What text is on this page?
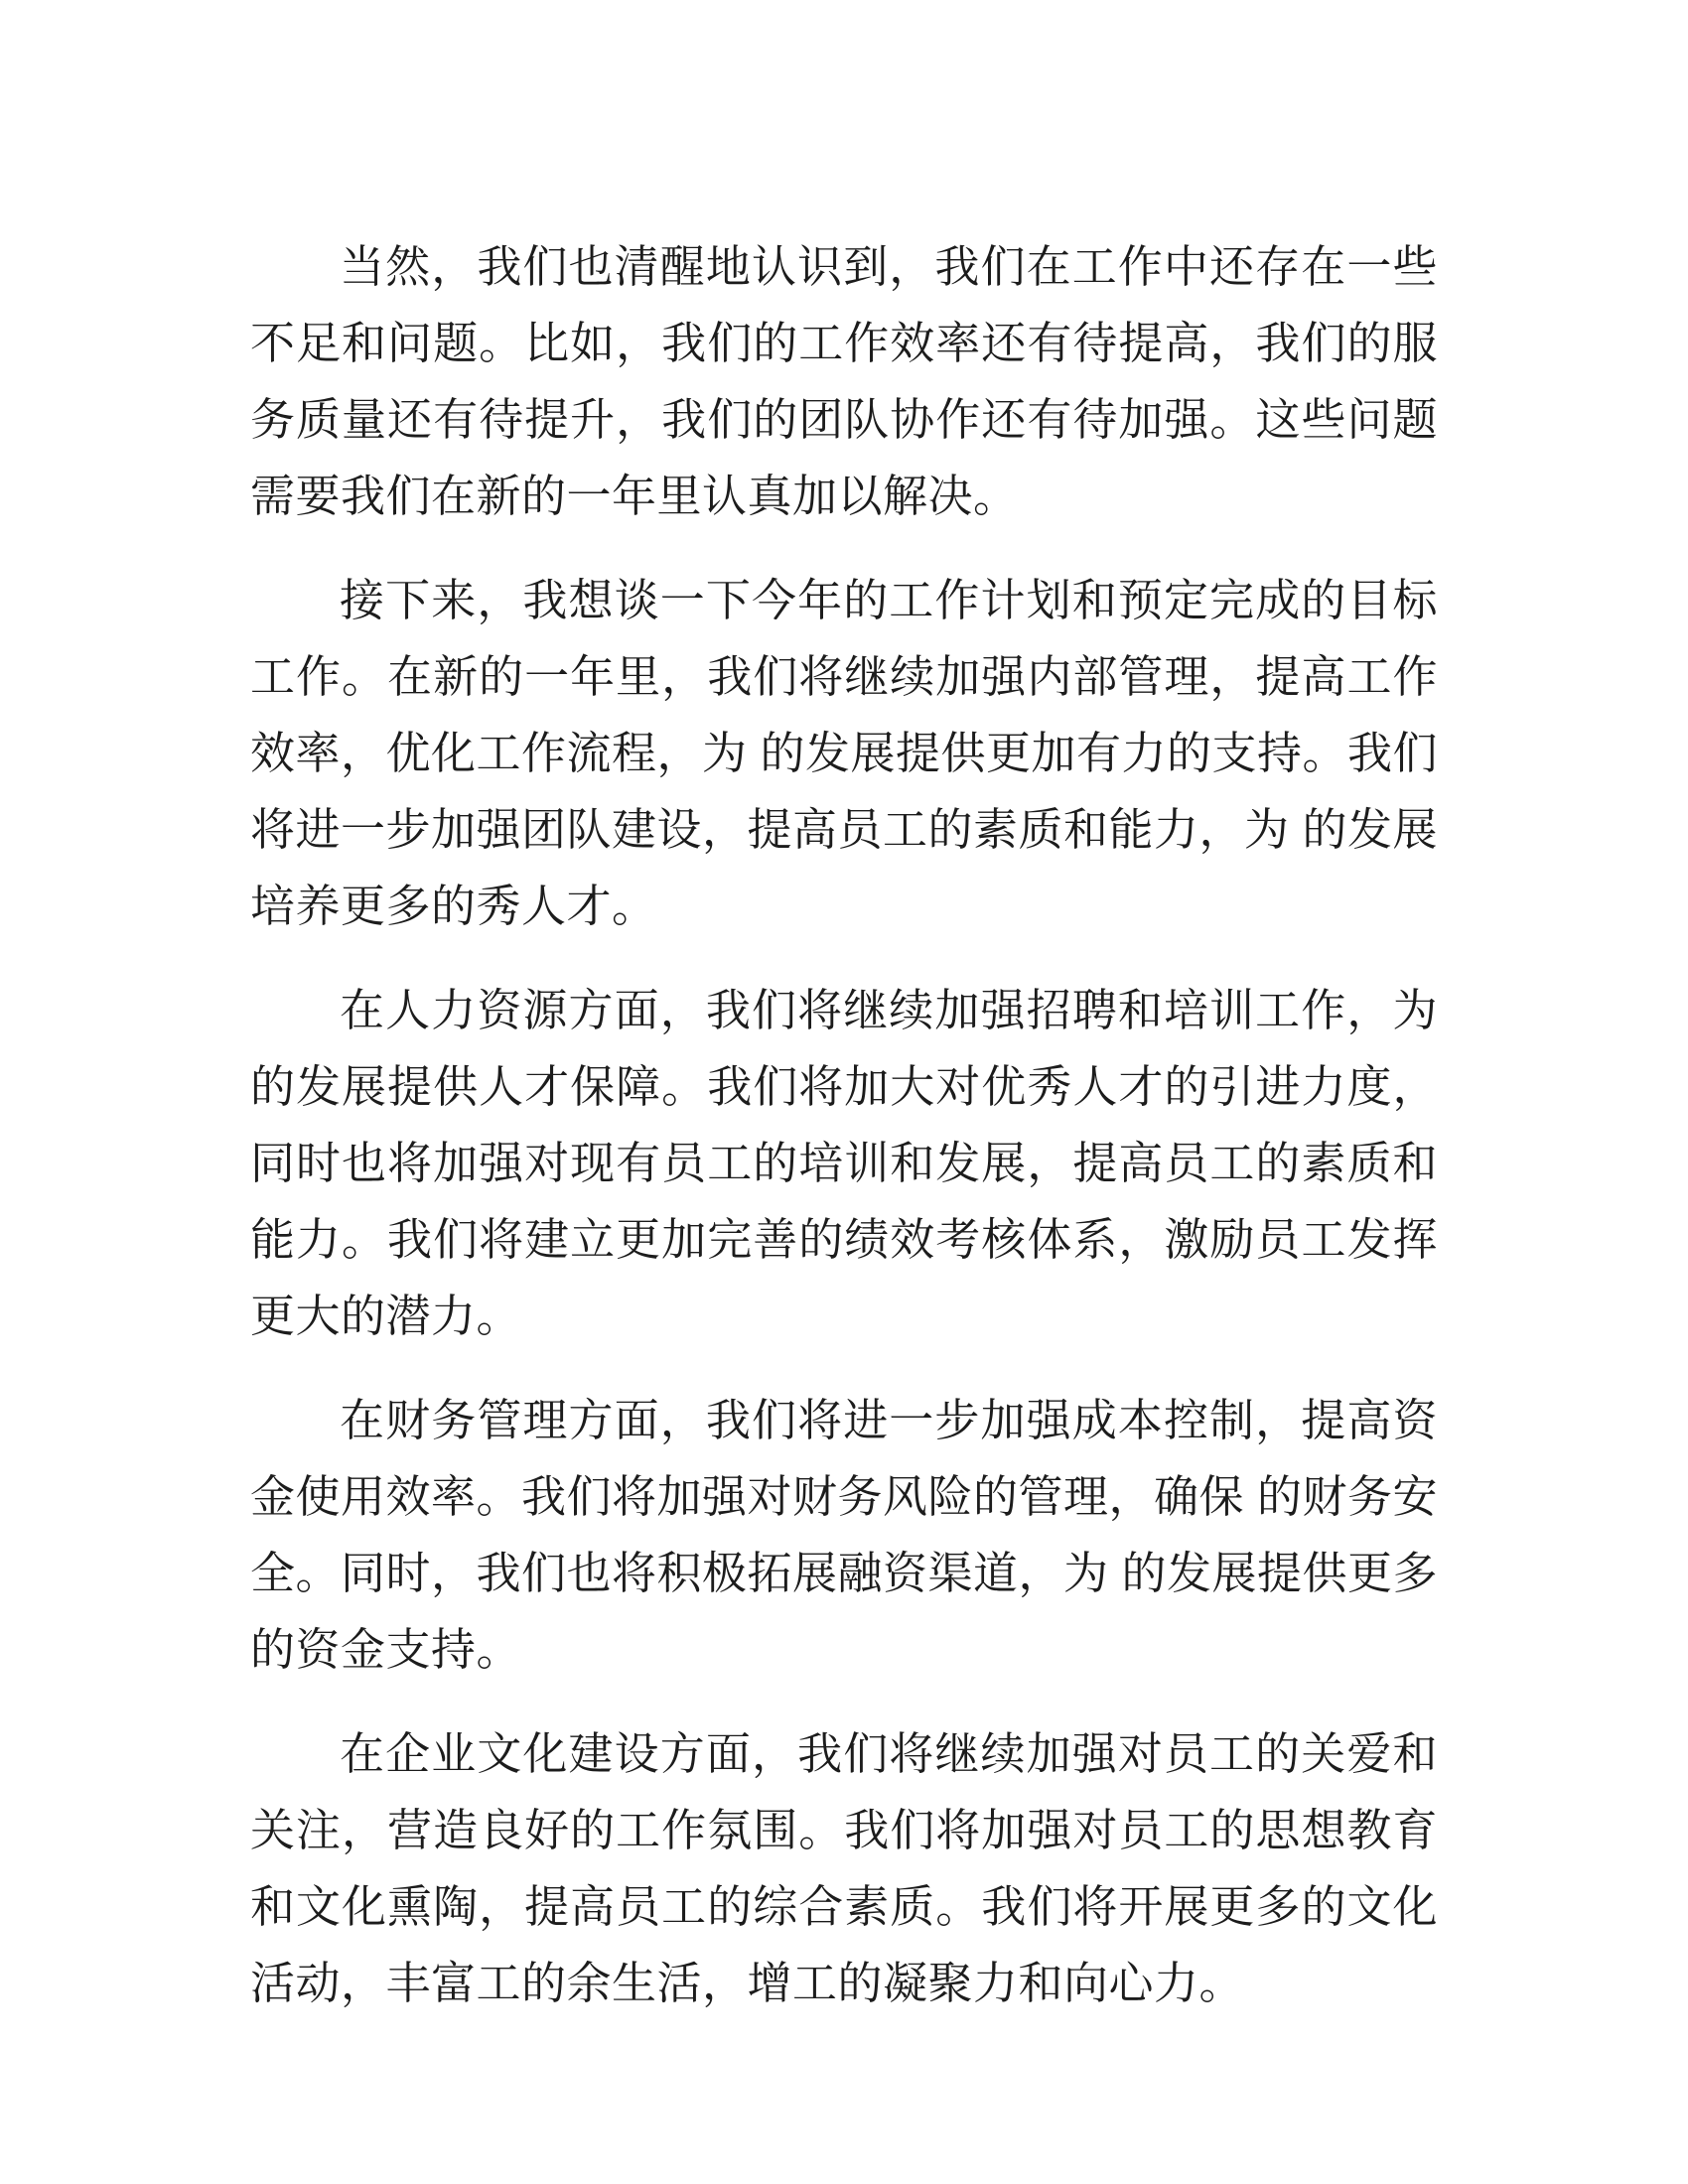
当然，我们也清醒地认识到，我们在工作中还存在一些不足和问题。比如，我们的工作效率还有待提高，我们的服务质量还有待提升，我们的团队协作还有待加强。这些问题需要我们在新的一年里认真加以解决。

接下来，我想谈一下今年的工作计划和预定完成的目标工作。在新的一年里，我们将继续加强内部管理，提高工作效率，优化工作流程，为 的发展提供更加有力的支持。我们将进一步加强团队建设，提高员工的素质和能力，为 的发展培养更多的秀人才。

在人力资源方面，我们将继续加强招聘和培训工作，为 的发展提供人才保障。我们将加大对优秀人才的引进力度，同时也将加强对现有员工的培训和发展，提高员工的素质和能力。我们将建立更加完善的绩效考核体系，激励员工发挥更大的潜力。

在财务管理方面，我们将进一步加强成本控制，提高资金使用效率。我们将加强对财务风险的管理，确保 的财务安全。同时，我们也将积极拓展融资渠道，为 的发展提供更多的资金支持。

在企业文化建设方面，我们将继续加强对员工的关爱和关注，营造良好的工作氛围。我们将加强对员工的思想教育和文化熏陶，提高员工的综合素质。我们将开展更多的文化活动，丰富工的余生活，增工的凝聚力和向心力。
